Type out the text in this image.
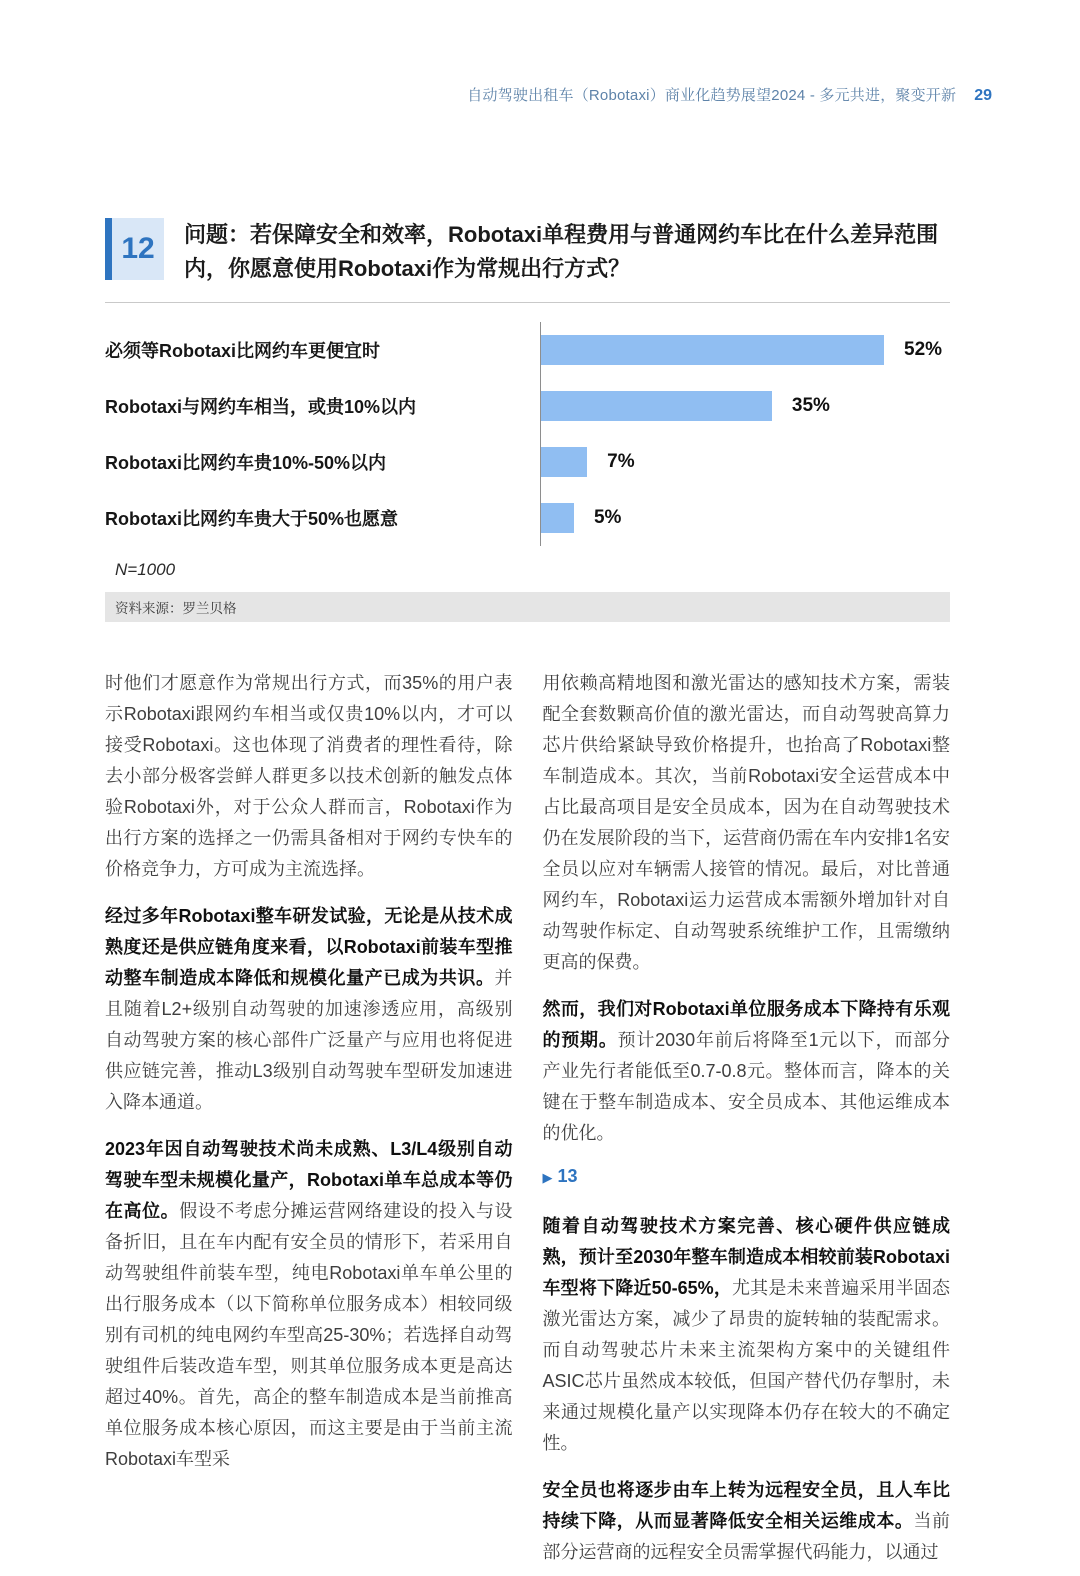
自动驾驶出租车（Robotaxi）商业化趋势展望2024 - 多元共进，聚变开新 29
12	问题：若保障安全和效率，Robotaxi单程费用与普通网约车比在什么差异范围内，你愿意使用Robotaxi作为常规出行方式？
必须等Robotaxi比网约车更便宜时	52%
Robotaxi与网约车相当，或贵10%以内	35%
Robotaxi比网约车贵10%-50%以内	7%
Robotaxi比网约车贵大于50%也愿意	5%
N=1000
资料来源：罗兰贝格

时他们才愿意作为常规出行方式，而35%的用户表示Robotaxi跟网约车相当或仅贵10%以内，才可以接受Robotaxi。这也体现了消费者的理性看待，除去小部分极客尝鲜人群更多以技术创新的触发点体验Robotaxi外，对于公众人群而言，Robotaxi作为出行方案的选择之一仍需具备相对于网约专快车的价格竞争力，方可成为主流选择。

经过多年Robotaxi整车研发试验，无论是从技术成熟度还是供应链角度来看，以Robotaxi前装车型推动整车制造成本降低和规模化量产已成为共识。并且随着L2+级别自动驾驶的加速渗透应用，高级别自动驾驶方案的核心部件广泛量产与应用也将促进供应链完善，推动L3级别自动驾驶车型研发加速进入降本通道。

2023年因自动驾驶技术尚未成熟、L3/L4级别自动驾驶车型未规模化量产，Robotaxi单车总成本等仍在高位。假设不考虑分摊运营网络建设的投入与设备折旧，且在车内配有安全员的情形下，若采用自动驾驶组件前装车型，纯电Robotaxi单车单公里的出行服务成本（以下简称单位服务成本）相较同级别有司机的纯电网约车型高25-30%；若选择自动驾驶组件后装改造车型，则其单位服务成本更是高达超过40%。首先，高企的整车制造成本是当前推高单位服务成本核心原因，而这主要是由于当前主流Robotaxi车型采

用依赖高精地图和激光雷达的感知技术方案，需装配全套数颗高价值的激光雷达，而自动驾驶高算力芯片供给紧缺导致价格提升，也抬高了Robotaxi整车制造成本。其次，当前Robotaxi安全运营成本中占比最高项目是安全员成本，因为在自动驾驶技术仍在发展阶段的当下，运营商仍需在车内安排1名安全员以应对车辆需人接管的情况。最后，对比普通网约车，Robotaxi运力运营成本需额外增加针对自动驾驶作标定、自动驾驶系统维护工作，且需缴纳更高的保费。

然而，我们对Robotaxi单位服务成本下降持有乐观的预期。预计2030年前后将降至1元以下，而部分产业先行者能低至0.7-0.8元。整体而言，降本的关键在于整车制造成本、安全员成本、其他运维成本的优化。

▶ 13

随着自动驾驶技术方案完善、核心硬件供应链成熟，预计至2030年整车制造成本相较前装Robotaxi车型将下降近50-65%，尤其是未来普遍采用半固态激光雷达方案，减少了昂贵的旋转轴的装配需求。而自动驾驶芯片未来主流架构方案中的关键组件ASIC芯片虽然成本较低，但国产替代仍存掣肘，未来通过规模化量产以实现降本仍存在较大的不确定性。

安全员也将逐步由车上转为远程安全员，且人车比持续下降，从而显著降低安全相关运维成本。当前部分运营商的远程安全员需掌握代码能力，以通过
